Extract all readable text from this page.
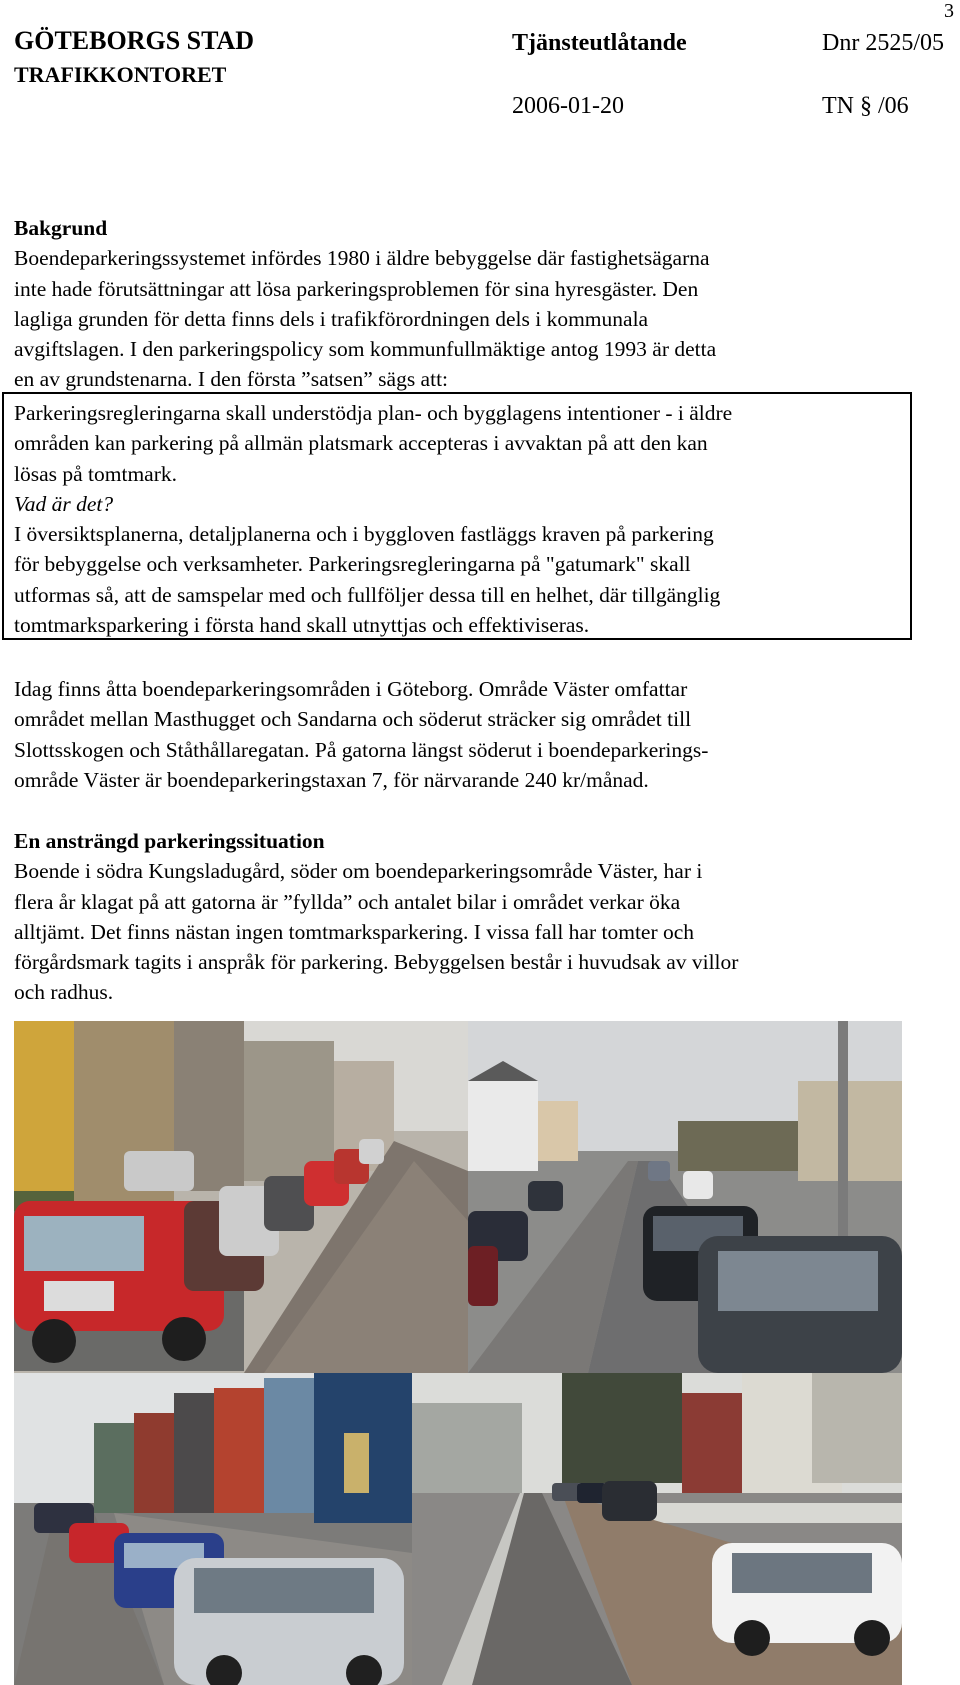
3
GÖTEBORGS STAD
TRAFIKKONTORET
Tjänsteutlåtande	Dnr 2525/05
2006-01-20	TN § /06
Bakgrund
Boendeparkeringssystemet infördes 1980 i äldre bebyggelse där fastighetsägarna
inte hade förutsättningar att lösa parkeringsproblemen för sina hyresgäster. Den
lagliga grunden för detta finns dels i trafikförordningen dels i kommunala
avgiftslagen. I den parkeringspolicy som kommunfullmäktige antog 1993 är detta
en av grundstenarna. I den första ”satsen” sägs att:
Parkeringsregleringarna skall understödja plan- och bygglagens intentioner - i äldre
områden kan parkering på allmän platsmark accepteras i avvaktan på att den kan
lösas på tomtmark.
Vad är det?
I översiktsplanerna, detaljplanerna och i byggloven fastläggs kraven på parkering
för bebyggelse och verksamheter. Parkeringsregleringarna på "gatumark" skall
utformas så, att de samspelar med och fullföljer dessa till en helhet, där tillgänglig
tomtmarksparkering i första hand skall utnyttjas och effektiviseras.
Idag finns åtta boendeparkeringsområden i Göteborg. Område Väster omfattar
området mellan Masthugget och Sandarna och söderut sträcker sig området till
Slottsskogen och Ståthållaregatan. På gatorna längst söderut i boendeparkerings-
område Väster är boendeparkeringstaxan 7, för närvarande 240 kr/månad.
En ansträngd parkeringssituation
Boende i södra Kungsladugård, söder om boendeparkeringsområde Väster, har i
flera år klagat på att gatorna är ”fyllda” och antalet bilar i området verkar öka
alltjämt. Det finns nästan ingen tomtmarksparkering. I vissa fall har tomter och
förgårdsmark tagits i anspråk för parkering. Bebyggelsen består i huvudsak av villor
och radhus.
